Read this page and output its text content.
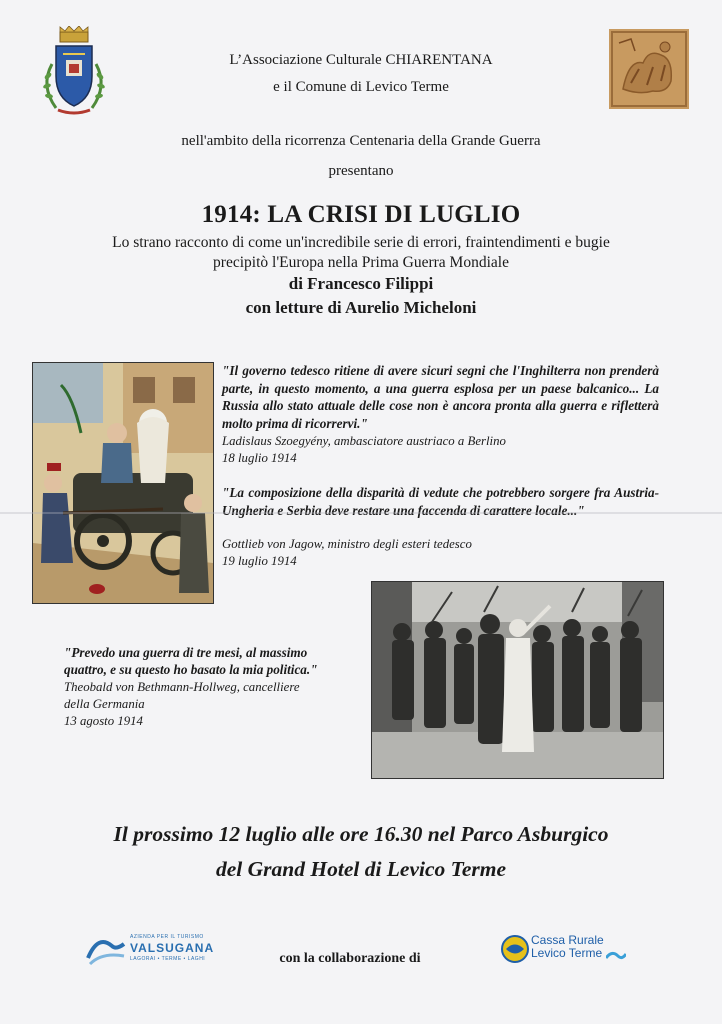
L’Associazione Culturale CHIARENTANA
e il Comune di Levico Terme
nell'ambito della ricorrenza Centenaria della Grande Guerra
presentano
1914: LA CRISI DI LUGLIO
Lo strano racconto di come un'incredibile serie di errori, fraintendimenti e bugie
precipitò l'Europa nella Prima Guerra Mondiale
di Francesco Filippi
con letture di Aurelio Micheloni
"Il governo tedesco ritiene di avere sicuri segni che l'Inghilterra non prenderà parte, in questo momento, a una guerra esplosa per un paese balcanico... La Russia allo stato attuale delle cose non è ancora pronta alla guerra e rifletterà molto prima di ricorrervi."
Ladislaus Szoegyény, ambasciatore austriaco a Berlino
18 luglio 1914
"La composizione della disparità di vedute che potrebbero sorgere fra Austria-Ungheria e Serbia deve restare una faccenda di carattere locale..."
Gottlieb von Jagow, ministro degli esteri tedesco
19 luglio 1914
"Prevedo una guerra di tre mesi, al massimo
quattro, e su questo ho basato la mia politica."
Theobald von Bethmann-Hollweg, cancelliere
della Germania
13 agosto 1914
Il prossimo 12 luglio alle ore 16.30 nel Parco Asburgico
del Grand Hotel di Levico Terme
AZIENDA PER IL TURISMO
VALSUGANA
LAGORAI • TERME • LAGHI	con la collaborazione di
Cassa Rurale
Levico Terme
